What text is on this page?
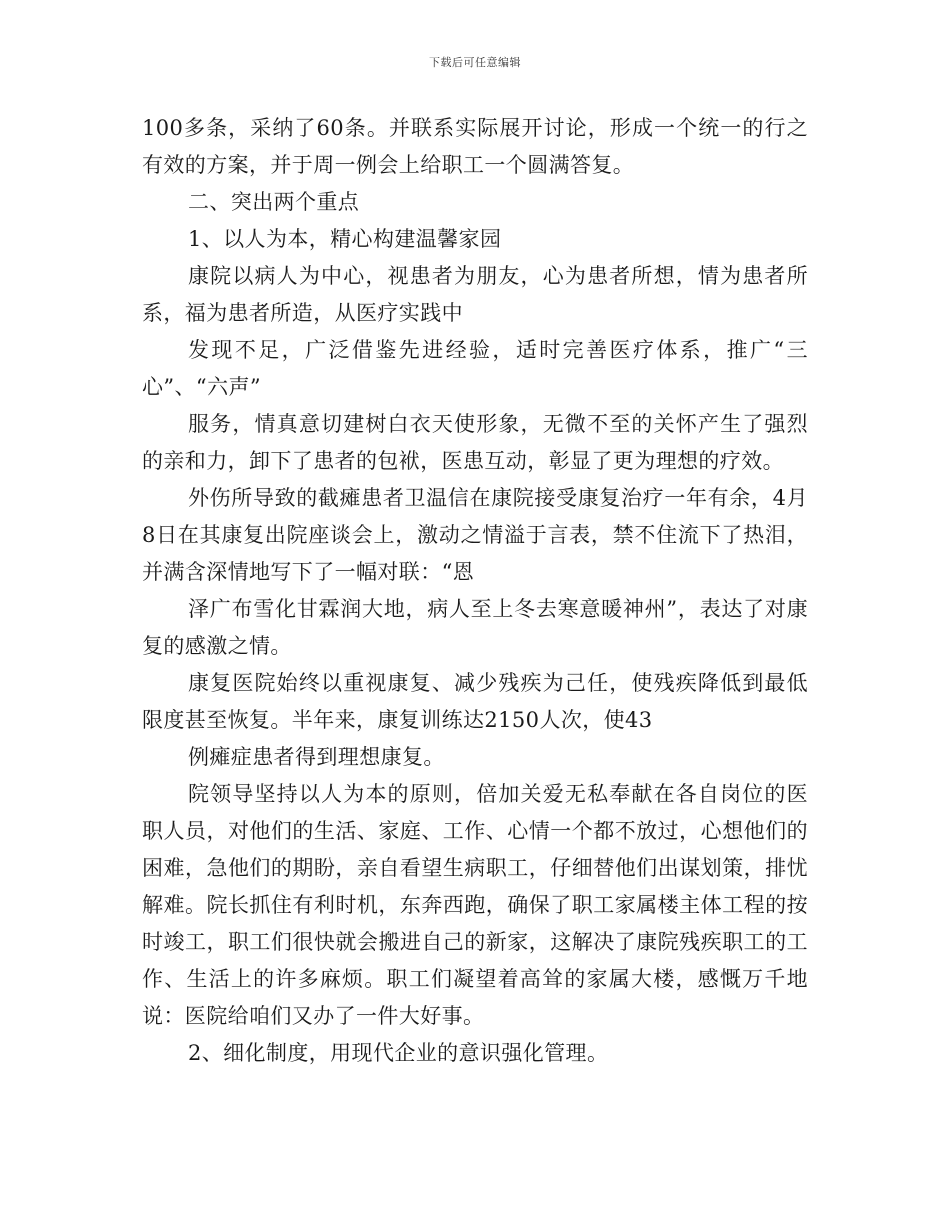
下载后可任意编辑

100多条，采纳了60条。并联系实际展开讨论，形成一个统一的行之有效的方案，并于周一例会上给职工一个圆满答复。

二、突出两个重点

1、以人为本，精心构建温馨家园

康院以病人为中心，视患者为朋友，心为患者所想，情为患者所系，福为患者所造，从医疗实践中

发现不足，广泛借鉴先进经验，适时完善医疗体系，推广“三心”、“六声”

服务，情真意切建树白衣天使形象，无微不至的关怀产生了强烈的亲和力，卸下了患者的包袱，医患互动，彰显了更为理想的疗效。

外伤所导致的截瘫患者卫温信在康院接受康复治疗一年有余，4月8日在其康复出院座谈会上，激动之情溢于言表，禁不住流下了热泪，并满含深情地写下了一幅对联：“恩

泽广布雪化甘霖润大地，病人至上冬去寒意暖神州”，表达了对康复的感激之情。

康复医院始终以重视康复、减少残疾为己任，使残疾降低到最低限度甚至恢复。半年来，康复训练达2150人次，使43

例瘫症患者得到理想康复。

院领导坚持以人为本的原则，倍加关爱无私奉献在各自岗位的医职人员，对他们的生活、家庭、工作、心情一个都不放过，心想他们的困难，急他们的期盼，亲自看望生病职工，仔细替他们出谋划策，排忧解难。院长抓住有利时机，东奔西跑，确保了职工家属楼主体工程的按时竣工，职工们很快就会搬进自己的新家，这解决了康院残疾职工的工作、生活上的许多麻烦。职工们凝望着高耸的家属大楼，感慨万千地说：医院给咱们又办了一件大好事。

2、细化制度，用现代企业的意识强化管理。
